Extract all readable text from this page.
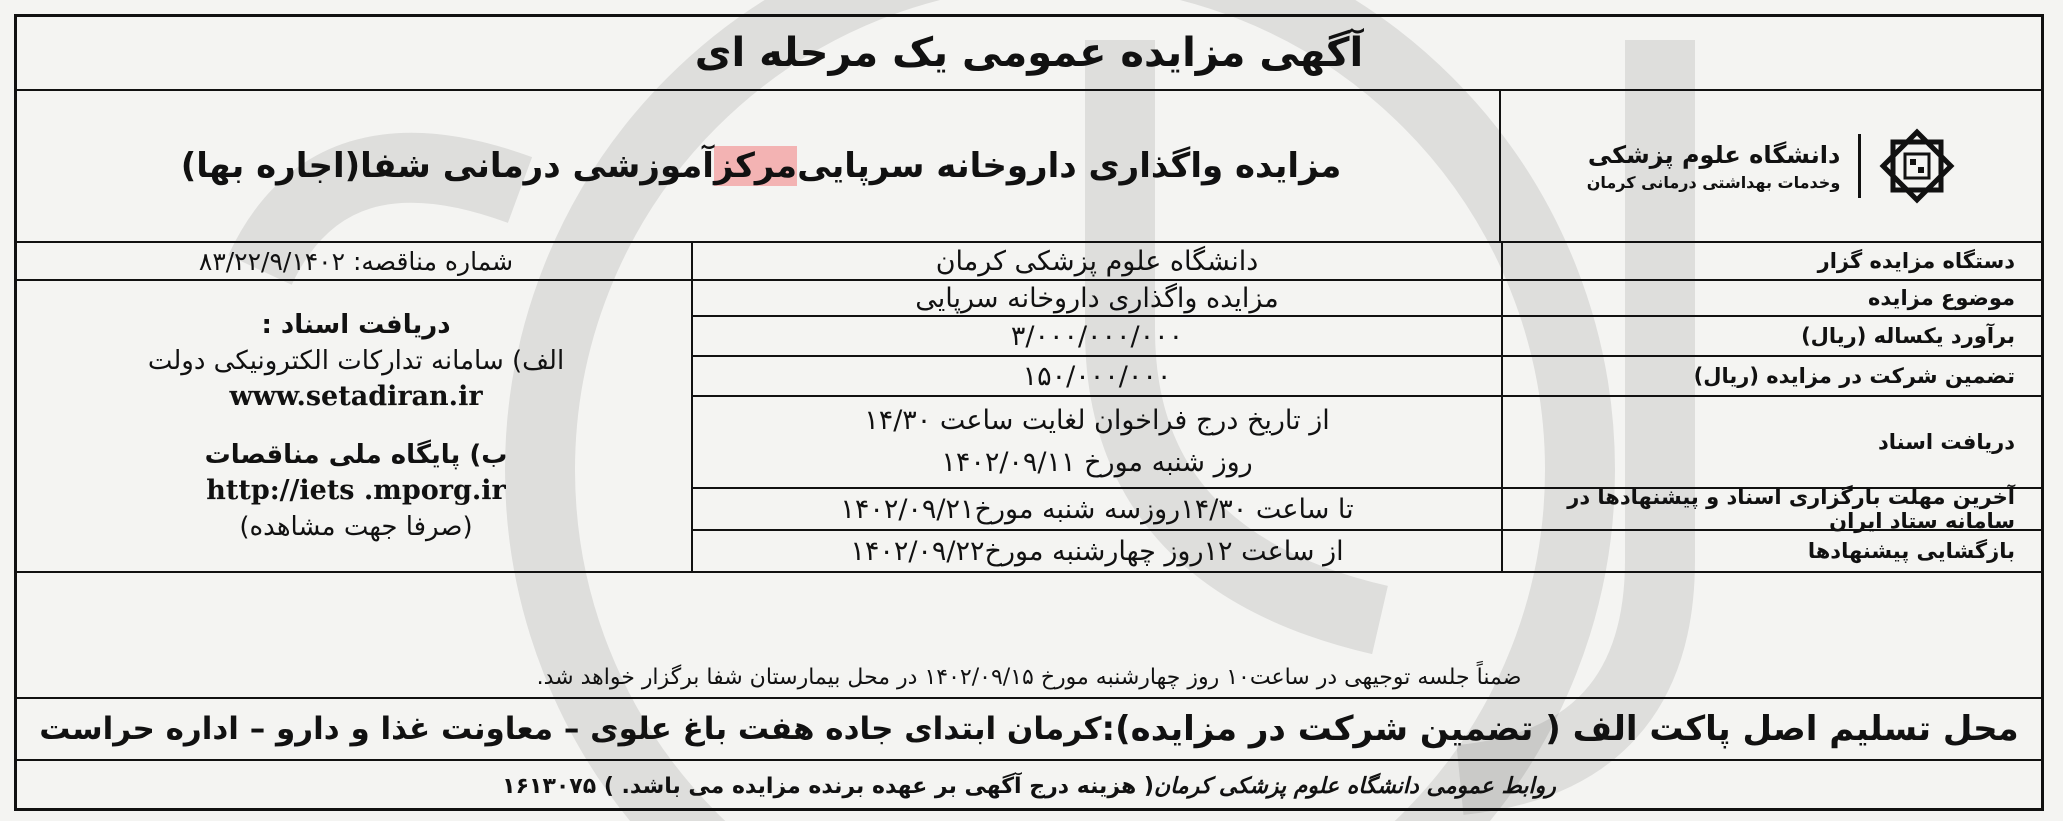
آگهی مزایده عمومی یک مرحله ای
دانشگاه علوم پزشکی
وخدمات بهداشتی درمانی کرمان
مزایده واگذاری داروخانه سرپایی
مرکز
آموزشی درمانی شفا(اجاره بها)
دستگاه مزایده گزار
موضوع مزایده
برآورد یکساله (ریال)
تضمین شرکت در مزایده (ریال)
دریافت اسناد
آخرین مهلت بارگزاری اسناد و پیشنهادها در سامانه ستاد ایران
بازگشایی پیشنهادها
دانشگاه علوم پزشکی کرمان
مزایده واگذاری داروخانه سرپایی
۳/۰۰۰/۰۰۰/۰۰۰
۱۵۰/۰۰۰/۰۰۰
از تاریخ درج فراخوان لغایت ساعت ۱۴/۳۰
روز شنبه مورخ ۱۴۰۲/۰۹/۱۱
تا ساعت ۱۴/۳۰روزسه شنبه مورخ۱۴۰۲/۰۹/۲۱
از ساعت ۱۲روز چهارشنبه مورخ۱۴۰۲/۰۹/۲۲
شماره مناقصه: ۸۳/۲۲/۹/۱۴۰۲
دریافت اسناد :
الف) سامانه تدارکات الکترونیکی دولت
www.setadiran.ir
ب) پایگاه ملی مناقصات
http://iets .mporg.ir
(صرفا جهت مشاهده)
ضمناً جلسه توجیهی در ساعت۱۰ روز چهارشنبه مورخ ۱۴۰۲/۰۹/۱۵ در محل بیمارستان شفا برگزار خواهد شد.
محل تسلیم اصل پاکت الف ( تضمین شرکت در مزایده):
کرمان ابتدای جاده هفت باغ علوی – معاونت غذا و دارو – اداره حراست
روابط عمومی دانشگاه علوم پزشکی کرمان
( هزینه درج آگهی بر عهده برنده مزایده می باشد. ) ۱۶۱۳۰۷۵
